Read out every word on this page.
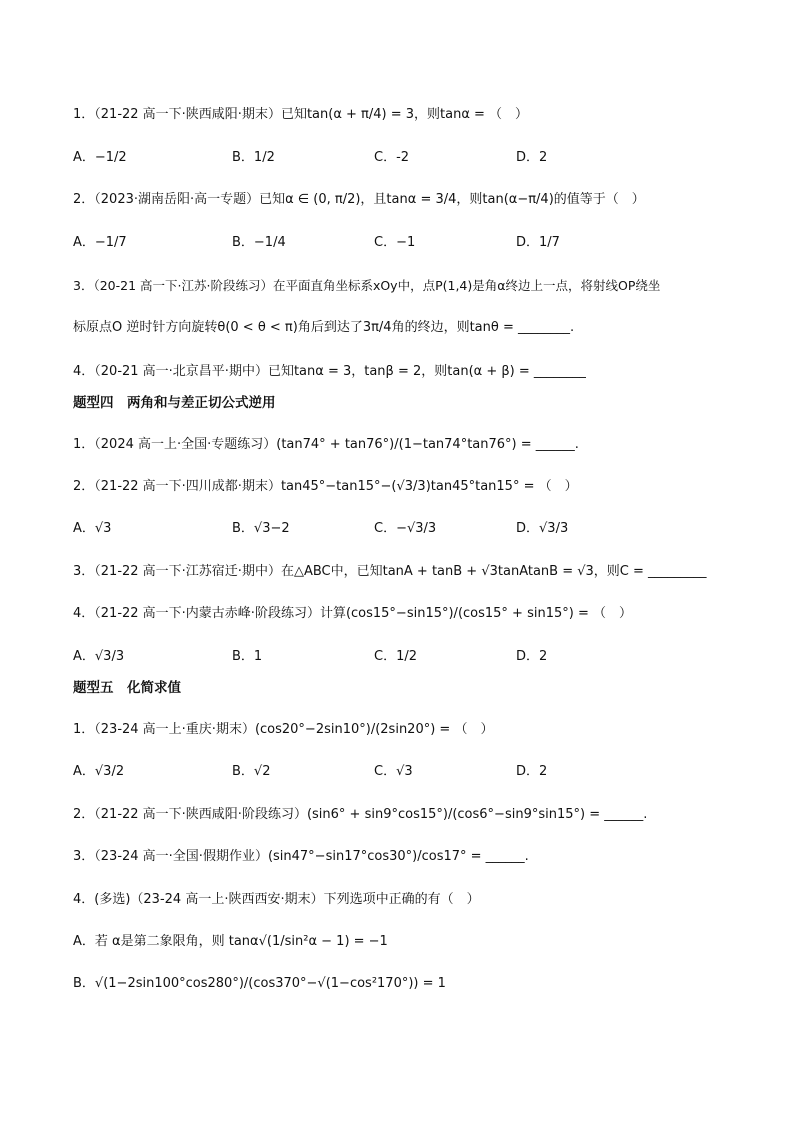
1．（21-22 高一下·陕西咸阳·期末）已知tan(α + π/4) = 3，则tanα = （　）
A．−1/2	B．1/2	C．-2	D．2
2．（2023·湖南岳阳·高一专题）已知α ∈ (0, π/2)，且tanα = 3/4，则tan(α−π/4)的值等于（　）
A．−1/7	B．−1/4	C．−1	D．1/7
3．（20-21 高一下·江苏·阶段练习）在平面直角坐标系xOy中，点P(1,4)是角α终边上一点，将射线OP绕坐
标原点O 逆时针方向旋转θ(0 < θ < π)角后到达了3π/4角的终边，则tanθ = ________.
4．（20-21 高一·北京昌平·期中）已知tanα = 3，tanβ = 2，则tan(α + β) = ________
题型四　两角和与差正切公式逆用
1．（2024 高一上·全国·专题练习）(tan74° + tan76°)/(1−tan74°tan76°) = ______.
2．（21-22 高一下·四川成都·期末）tan45°−tan15°−(√3/3)tan45°tan15° = （　）
A．√3	B．√3−2	C．−√3/3	D．√3/3
3．（21-22 高一下·江苏宿迁·期中）在△ABC中，已知tanA + tanB + √3tanAtanB = √3，则C = _________
4．（21-22 高一下·内蒙古赤峰·阶段练习）计算(cos15°−sin15°)/(cos15° + sin15°) = （　）
A．√3/3	B．1	C．1/2	D．2
题型五　化简求值
1．（23-24 高一上·重庆·期末）(cos20°−2sin10°)/(2sin20°) = （　）
A．√3/2	B．√2	C．√3	D．2
2．（21-22 高一下·陕西咸阳·阶段练习）(sin6° + sin9°cos15°)/(cos6°−sin9°sin15°) = ______.
3．（23-24 高一·全国·假期作业）(sin47°−sin17°cos30°)/cos17° = ______.
4．(多选)（23-24 高一上·陕西西安·期末）下列选项中正确的有（　）
A．若 α是第二象限角，则 tanα√(1/sin²α − 1) = −1
B．√(1−2sin100°cos280°)/(cos370°−√(1−cos²170°)) = 1
